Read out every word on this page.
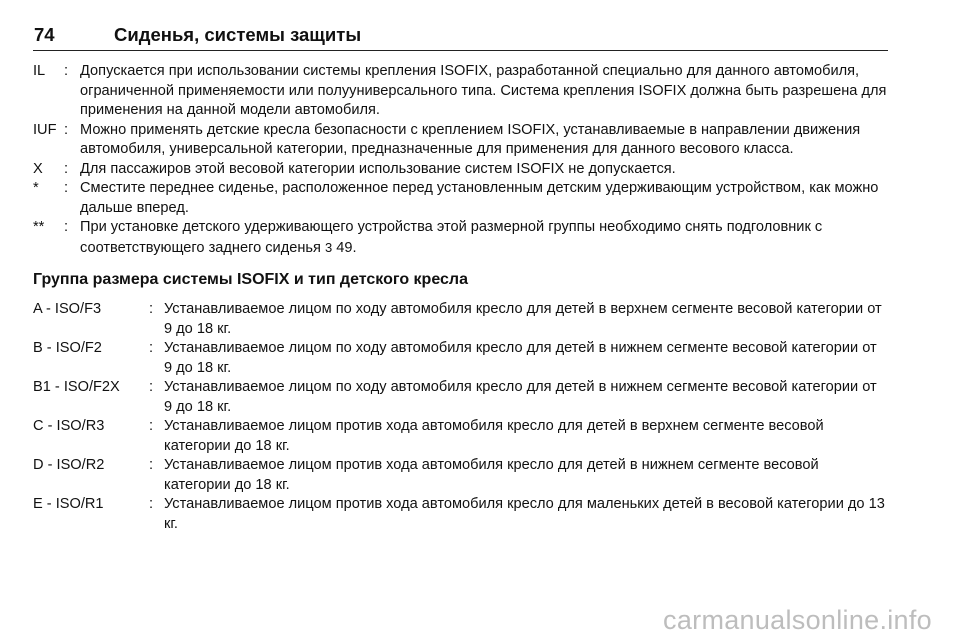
74	Сиденья, системы защиты
IL	: Допускается при использовании системы крепления ISOFIX, разработанной специально для данного автомобиля, ограниченной применяемости или полууниверсального типа. Система крепления ISOFIX должна быть разрешена для применения на данной модели автомобиля.
IUF : Можно применять детские кресла безопасности с креплением ISOFIX, устанавливаемые в направлении движения автомобиля, универсальной категории, предназначенные для применения для данного весового класса.
X	: Для пассажиров этой весовой категории использование систем ISOFIX не допускается.
*	: Сместите переднее сиденье, расположенное перед установленным детским удерживающим устройством, как можно дальше вперед.
**	: При установке детского удерживающего устройства этой размерной группы необходимо снять подголовник с соответствующего заднего сиденья 3 49.
Группа размера системы ISOFIX и тип детского кресла
A - ISO/F3	: Устанавливаемое лицом по ходу автомобиля кресло для детей в верхнем сегменте весовой категории от 9 до 18 кг.
B - ISO/F2	: Устанавливаемое лицом по ходу автомобиля кресло для детей в нижнем сегменте весовой категории от 9 до 18 кг.
B1 - ISO/F2X	: Устанавливаемое лицом по ходу автомобиля кресло для детей в нижнем сегменте весовой категории от 9 до 18 кг.
C - ISO/R3	: Устанавливаемое лицом против хода автомобиля кресло для детей в верхнем сегменте весовой категории до 18 кг.
D - ISO/R2	: Устанавливаемое лицом против хода автомобиля кресло для детей в нижнем сегменте весовой категории до 18 кг.
E - ISO/R1	: Устанавливаемое лицом против хода автомобиля кресло для маленьких детей в весовой категории до 13 кг.
carmanualsonline.info
